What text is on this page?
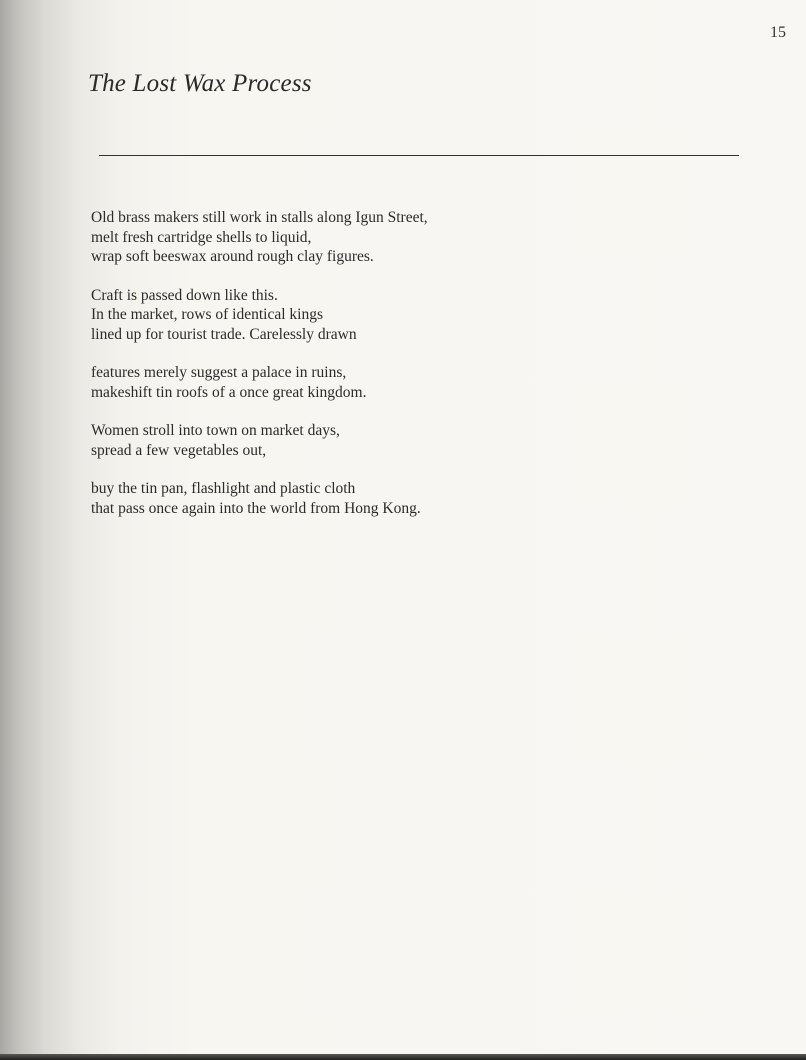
15
The Lost Wax Process
Old brass makers still work in stalls along Igun Street,
melt fresh cartridge shells to liquid,
wrap soft beeswax around rough clay figures.
Craft is passed down like this.
In the market, rows of identical kings
lined up for tourist trade. Carelessly drawn
features merely suggest a palace in ruins,
makeshift tin roofs of a once great kingdom.
Women stroll into town on market days,
spread a few vegetables out,
buy the tin pan, flashlight and plastic cloth
that pass once again into the world from Hong Kong.
